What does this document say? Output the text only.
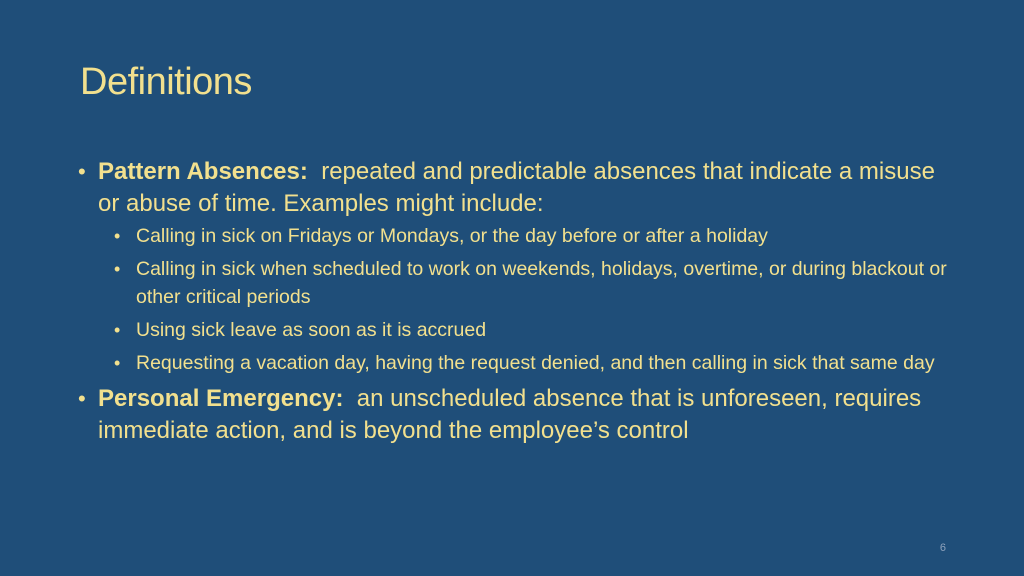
Definitions
• Pattern Absences: repeated and predictable absences that indicate a misuse or abuse of time. Examples might include:
• Calling in sick on Fridays or Mondays, or the day before or after a holiday
• Calling in sick when scheduled to work on weekends, holidays, overtime, or during blackout or other critical periods
• Using sick leave as soon as it is accrued
• Requesting a vacation day, having the request denied, and then calling in sick that same day
• Personal Emergency: an unscheduled absence that is unforeseen, requires immediate action, and is beyond the employee’s control
6
